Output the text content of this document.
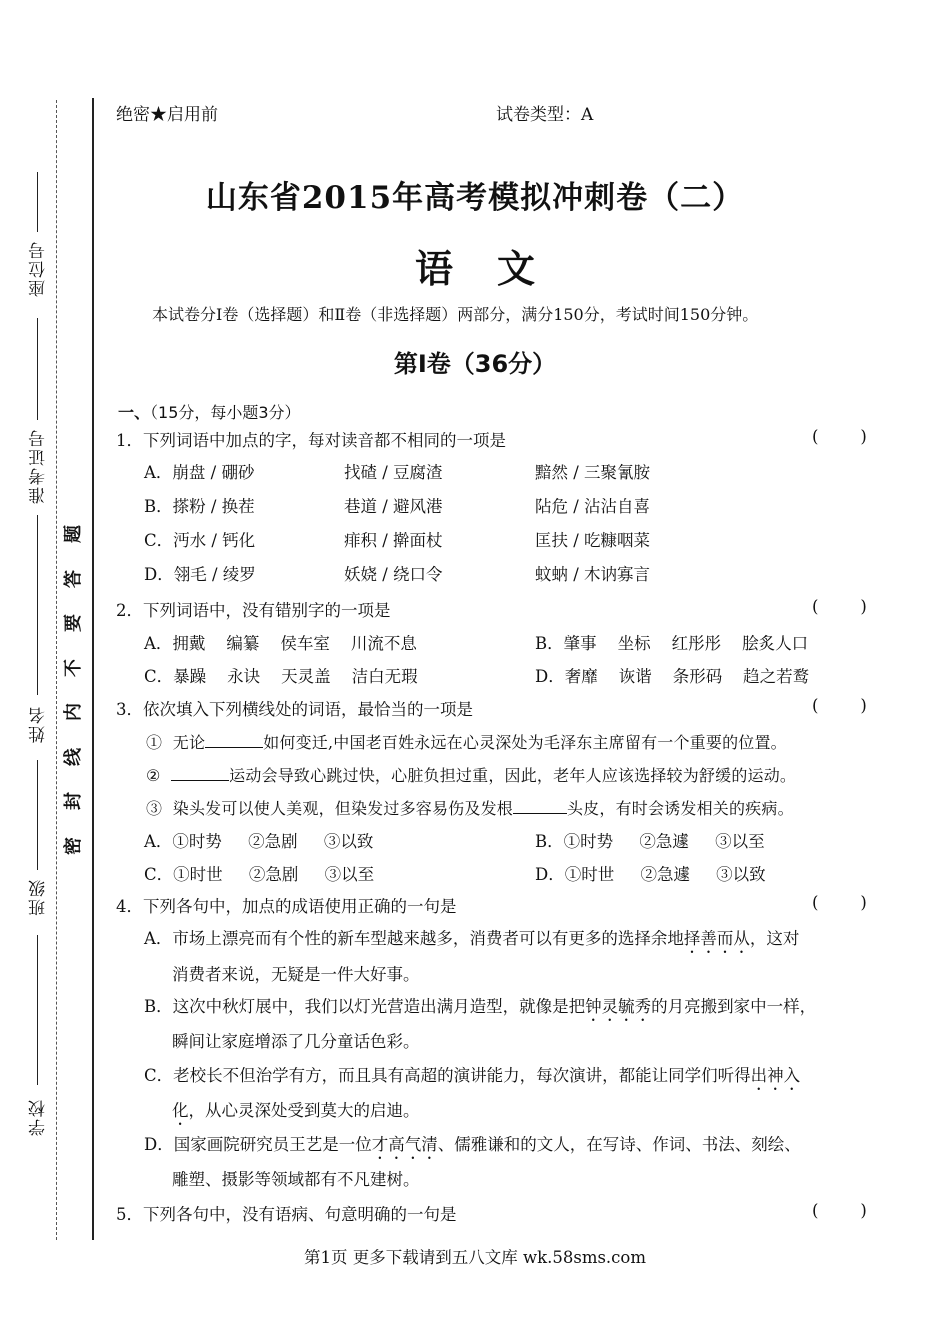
座位号
准考证号
姓名
班级
学校
题
答
要
不
内
线
封
密
绝密★启用前	试卷类型：A
山东省2015年高考模拟冲刺卷（二）
语文
本试卷分Ⅰ卷（选择题）和Ⅱ卷（非选择题）两部分，满分150分，考试时间150分钟。
第Ⅰ卷（36分）
一、（15分，每小题3分）
1．下列词语中加点的字，每对读音都不相同的一项是	(        )
A．崩盘 / 硼砂	找碴 / 豆腐渣	黯然 / 三聚氰胺
B．搽粉 / 换茬	巷道 / 避风港	阽危 / 沾沾自喜
C．沔水 / 钙化	痱积 / 擀面杖	匡扶 / 吃糠咽菜
D．翎毛 / 绫罗	妖娆 / 绕口令	蚊蚋 / 木讷寡言
2．下列词语中，没有错别字的一项是	(        )
A．拥戴    编纂    侯车室    川流不息	B．肇事    坐标    红彤彤    脍炙人口
C．暴躁    永诀    天灵盖    洁白无瑕	D．奢靡    诙谐    条形码    趋之若鹜
3．依次填入下列横线处的词语，最恰当的一项是	(        )
①  无论	如何变迁,中国老百姓永远在心灵深处为毛泽东主席留有一个重要的位置。
②	运动会导致心跳过快，心脏负担过重，因此，老年人应该选择较为舒缓的运动。
③  染头发可以使人美观，但染发过多容易伤及发根	头皮，有时会诱发相关的疾病。
A．①时势     ②急剧     ③以致	B．①时势     ②急遽     ③以至
C．①时世     ②急剧     ③以至	D．①时世     ②急遽     ③以致
4．下列各句中，加点的成语使用正确的一句是	(        )
A．市场上漂亮而有个性的新车型越来越多，消费者可以有更多的选择余地择善而从，这对
消费者来说，无疑是一件大好事。
B．这次中秋灯展中，我们以灯光营造出满月造型，就像是把钟灵毓秀的月亮搬到家中一样，
瞬间让家庭增添了几分童话色彩。
C．老校长不但治学有方，而且具有高超的演讲能力，每次演讲，都能让同学们听得出神入
化，从心灵深处受到莫大的启迪。
D．国家画院研究员王艺是一位才高气清、儒雅谦和的文人，在写诗、作词、书法、刻绘、
雕塑、摄影等领域都有不凡建树。
5．下列各句中，没有语病、句意明确的一句是	(        )
第1页 更多下载请到五八文库 wk.58sms.com
